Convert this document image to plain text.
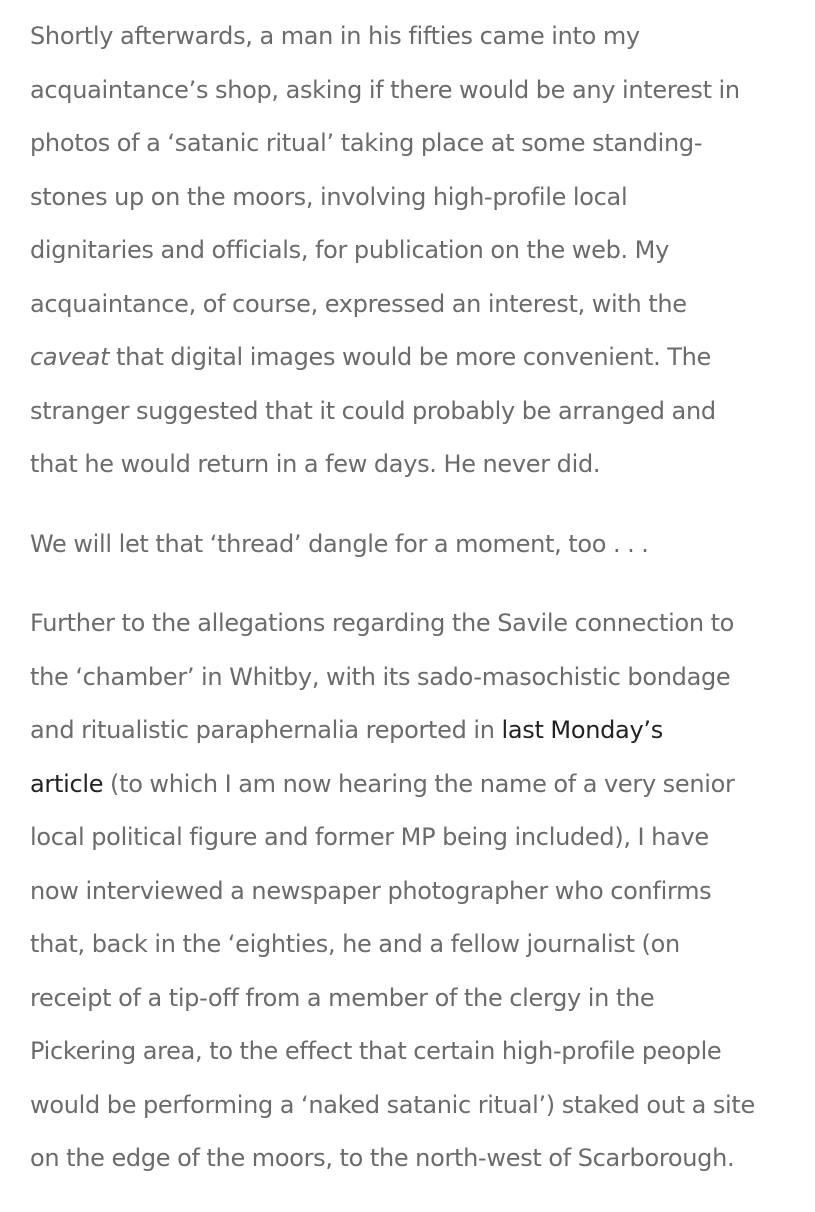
Shortly afterwards, a man in his fifties came into my
acquaintance’s shop, asking if there would be any interest in
photos of a ‘satanic ritual’ taking place at some standing-
stones up on the moors, involving high-profile local
dignitaries and officials, for publication on the web. My
acquaintance, of course, expressed an interest, with the
caveat that digital images would be more convenient. The
stranger suggested that it could probably be arranged and
that he would return in a few days. He never did.
We will let that ‘thread’ dangle for a moment, too . . .
Further to the allegations regarding the Savile connection to
the ‘chamber’ in Whitby, with its sado-masochistic bondage
and ritualistic paraphernalia reported in last Monday’s
article (to which I am now hearing the name of a very senior
local political figure and former MP being included), I have
now interviewed a newspaper photographer who confirms
that, back in the ‘eighties, he and a fellow journalist (on
receipt of a tip-off from a member of the clergy in the
Pickering area, to the effect that certain high-profile people
would be performing a ‘naked satanic ritual’) staked out a site
on the edge of the moors, to the north-west of Scarborough.
